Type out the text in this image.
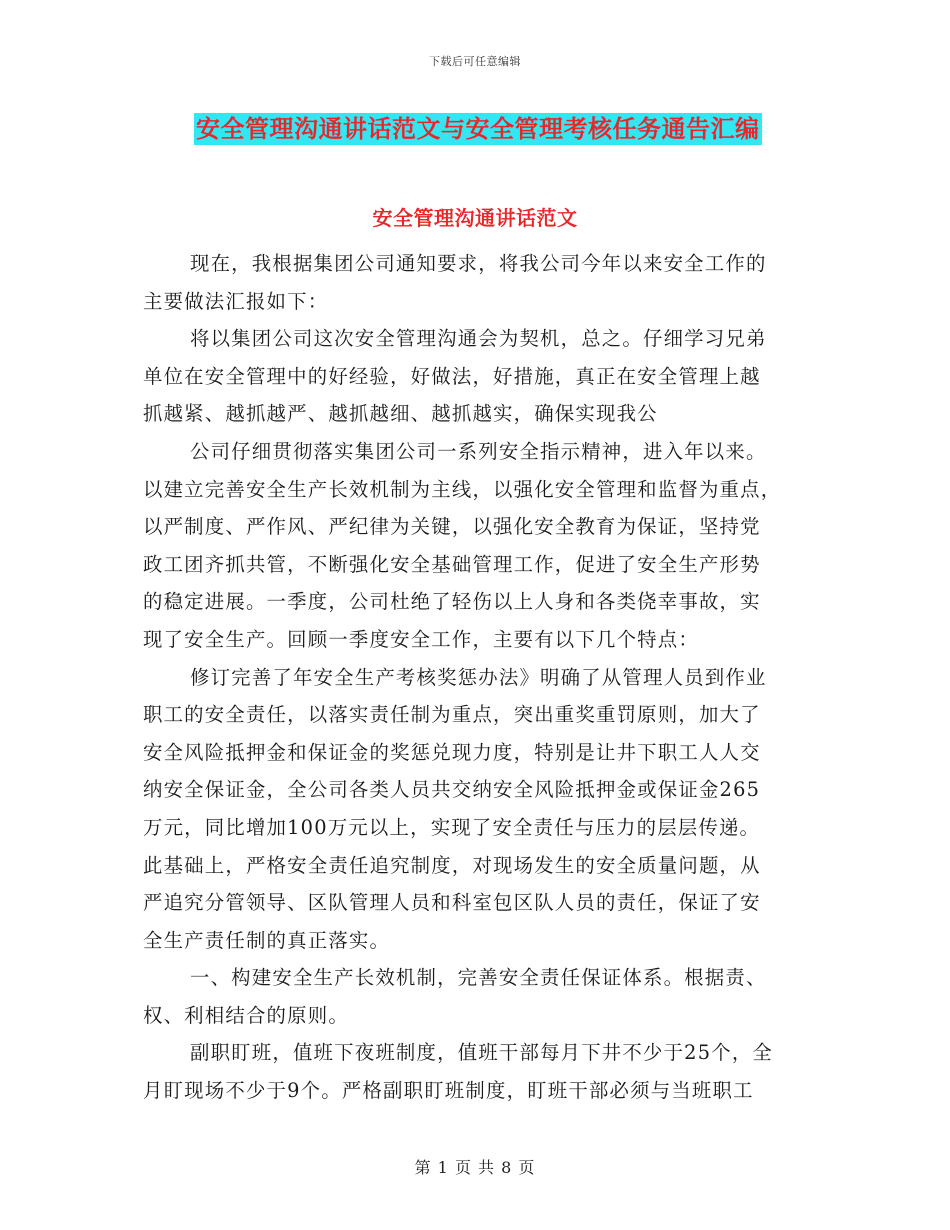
下载后可任意编辑
安全管理沟通讲话范文与安全管理考核任务通告汇编
安全管理沟通讲话范文
现在，我根据集团公司通知要求，将我公司今年以来安全工作的
主要做法汇报如下：
将以集团公司这次安全管理沟通会为契机，总之。仔细学习兄弟
单位在安全管理中的好经验，好做法，好措施，真正在安全管理上越
抓越紧、越抓越严、越抓越细、越抓越实，确保实现我公
公司仔细贯彻落实集团公司一系列安全指示精神，进入年以来。
以建立完善安全生产长效机制为主线，以强化安全管理和监督为重点，
以严制度、严作风、严纪律为关键，以强化安全教育为保证，坚持党
政工团齐抓共管，不断强化安全基础管理工作，促进了安全生产形势
的稳定进展。一季度，公司杜绝了轻伤以上人身和各类侥幸事故，实
现了安全生产。回顾一季度安全工作，主要有以下几个特点：
修订完善了年安全生产考核奖惩办法》明确了从管理人员到作业
职工的安全责任，以落实责任制为重点，突出重奖重罚原则，加大了
安全风险抵押金和保证金的奖惩兑现力度，特别是让井下职工人人交
纳安全保证金，全公司各类人员共交纳安全风险抵押金或保证金265
万元，同比增加100万元以上，实现了安全责任与压力的层层传递。
此基础上，严格安全责任追究制度，对现场发生的安全质量问题，从
严追究分管领导、区队管理人员和科室包区队人员的责任，保证了安
全生产责任制的真正落实。
一、构建安全生产长效机制，完善安全责任保证体系。根据责、
权、利相结合的原则。
副职盯班，值班下夜班制度，值班干部每月下井不少于25个，全
月盯现场不少于9个。严格副职盯班制度，盯班干部必须与当班职工
第 1 页 共 8 页
